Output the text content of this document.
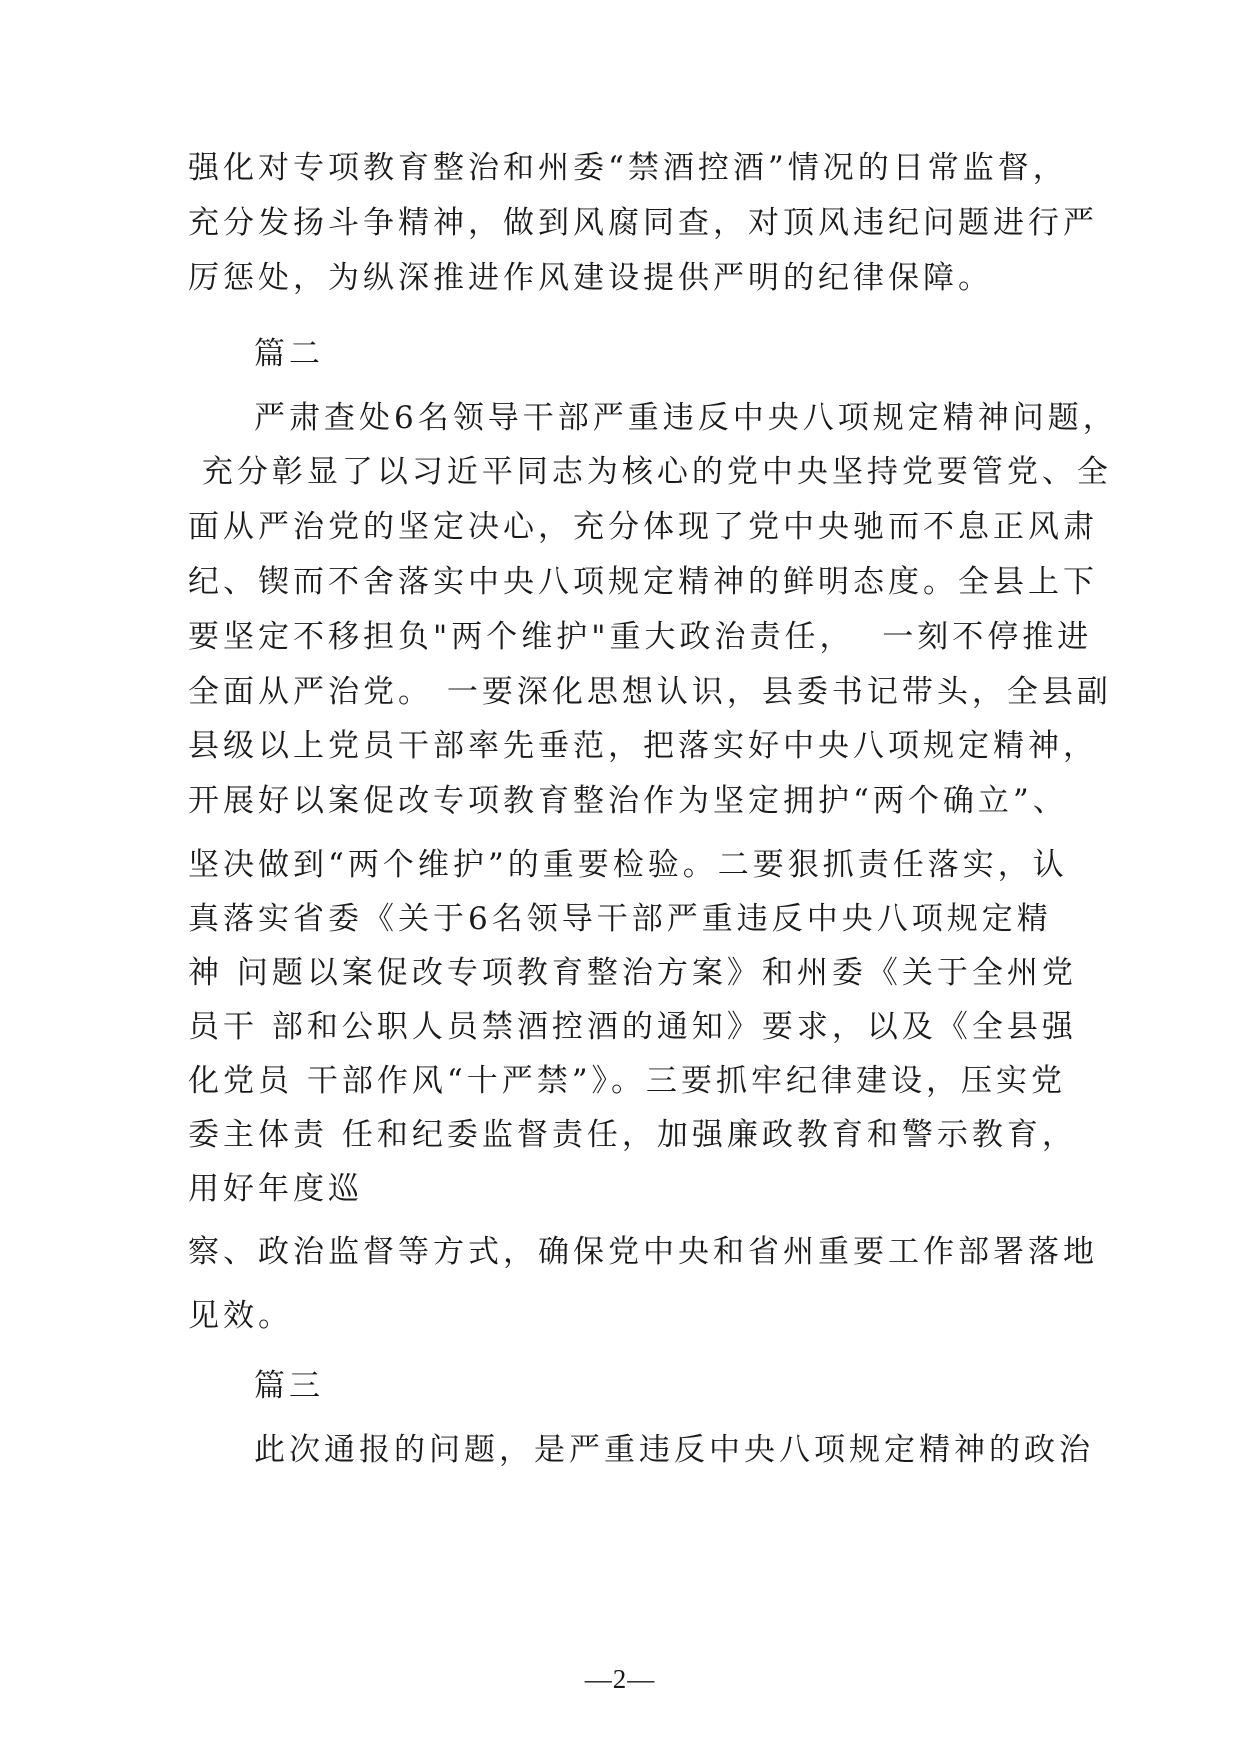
强化对专项教育整治和州委“禁酒控酒”情况的日常监督，
充分发扬斗争精神，做到风腐同查，对顶风违纪问题进行严
厉惩处，为纵深推进作风建设提供严明的纪律保障。
篇二
严肃查处6名领导干部严重违反中央八项规定精神问题，
充分彰显了以习近平同志为核心的党中央坚持党要管党、全
面从严治党的坚定决心，充分体现了党中央驰而不息正风肃
纪、锲而不舍落实中央八项规定精神的鲜明态度。全县上下
要坚定不移担负"两个维护"重大政治责任，  一刻不停推进
全面从严治党。 一要深化思想认识，县委书记带头，全县副
县级以上党员干部率先垂范，把落实好中央八项规定精神，
开展好以案促改专项教育整治作为坚定拥护“两个确立”、
坚决做到“两个维护”的重要检验。二要狠抓责任落实，认
真落实省委《关于6名领导干部严重违反中央八项规定精
神 问题以案促改专项教育整治方案》和州委《关于全州党
员干 部和公职人员禁酒控酒的通知》要求，以及《全县强
化党员 干部作风“十严禁”》。三要抓牢纪律建设，压实党
委主体责 任和纪委监督责任，加强廉政教育和警示教育，
用好年度巡
察、政治监督等方式，确保党中央和省州重要工作部署落地
见效。
篇三
此次通报的问题，是严重违反中央八项规定精神的政治
—2—
